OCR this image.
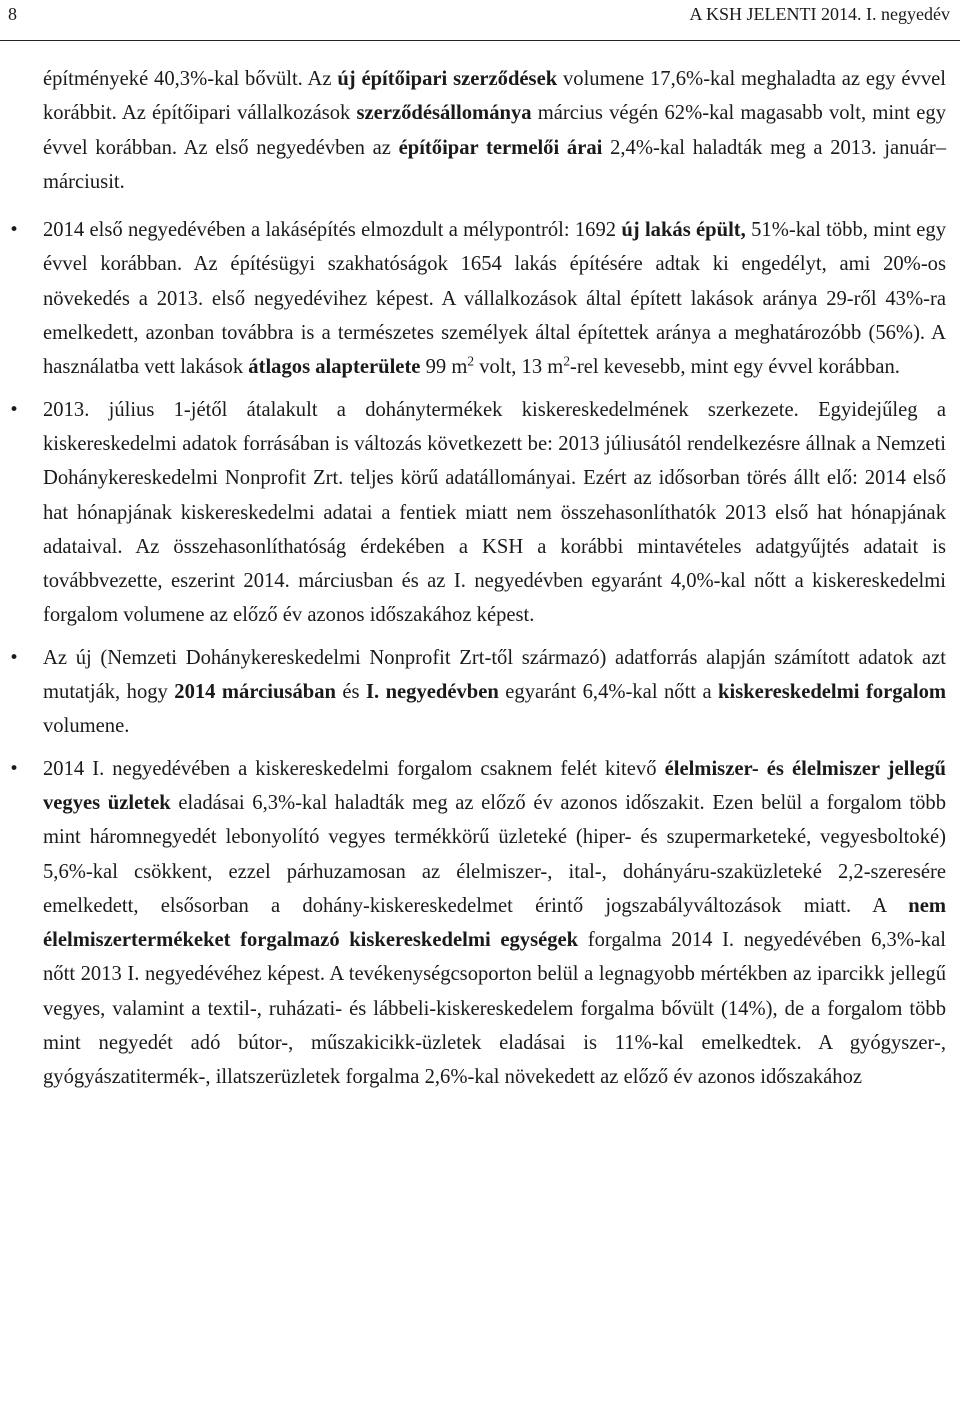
8	A KSH JELENTI 2014. I. negyedév

építményeké 40,3%-kal bővült. Az új építőipari szerződések volumene 17,6%-kal meghaladta az egy évvel korábbit. Az építőipari vállalkozások szerződésállománya március végén 62%-kal magasabb volt, mint egy évvel korábban. Az első negyedévben az építőipar termelői árai 2,4%-kal haladták meg a 2013. január–márciusit.

• 2014 első negyedévében a lakásépítés elmozdult a mélypontról: 1692 új lakás épült, 51%-kal több, mint egy évvel korábban. Az építésügyi szakhatóságok 1654 lakás építésére adtak ki engedélyt, ami 20%-os növekedés a 2013. első negyedévihez képest. A vállalkozások által épített lakások aránya 29-ről 43%-ra emelkedett, azonban továbbra is a természetes személyek által építettek aránya a meghatározóbb (56%). A használatba vett lakások átlagos alapterülete 99 $m^2$ volt, 13 $m^2$-rel kevesebb, mint egy évvel korábban.

• 2013. július 1-jétől átalakult a dohánytermékek kiskereskedelmének szerkezete. Egyidejűleg a kiskereskedelmi adatok forrásában is változás következett be: 2013 júliusától rendelkezésre állnak a Nemzeti Dohánykereskedelmi Nonprofit Zrt. teljes körű adatállományai. Ezért az idősorban törés állt elő: 2014 első hat hónapjának kiskereskedelmi adatai a fentiek miatt nem összehasonlíthatók 2013 első hat hónapjának adataival. Az összehasonlíthatóság érdekében a KSH a korábbi mintavételes adatgyűjtés adatait is továbbvezette, eszerint 2014. márciusban és az I. negyedévben egyaránt 4,0%-kal nőtt a kiskereskedelmi forgalom volumene az előző év azonos időszakához képest.

• Az új (Nemzeti Dohánykereskedelmi Nonprofit Zrt-től származó) adatforrás alapján számított adatok azt mutatják, hogy 2014 márciusában és I. negyedévben egyaránt 6,4%-kal nőtt a kiskereskedelmi forgalom volumene.

• 2014 I. negyedévében a kiskereskedelmi forgalom csaknem felét kitevő élelmiszer- és élelmiszer jellegű vegyes üzletek eladásai 6,3%-kal haladták meg az előző év azonos időszakit. Ezen belül a forgalom több mint háromnegyedét lebonyolító vegyes termékkörű üzleteké (hiper- és szupermarketeké, vegyesboltoké) 5,6%-kal csökkent, ezzel párhuzamosan az élelmiszer-, ital-, dohányáru-szaküzleteké 2,2-szeresére emelkedett, elsősorban a dohány-kiskereskedelmet érintő jogszabályváltozások miatt. A nem élelmiszertermékeket forgalmazó kiskereskedelmi egységek forgalma 2014 I. negyedévében 6,3%-kal nőtt 2013 I. negyedévéhez képest. A tevékenységcsoporton belül a legnagyobb mértékben az iparcikk jellegű vegyes, valamint a textil-, ruházati- és lábbeli-kiskereskedelem forgalma bővült (14%), de a forgalom több mint negyedét adó bútor-, műszakicikk-üzletek eladásai is 11%-kal emelkedtek. A gyógyszer-, gyógyászatitermék-, illatszerüzletek forgalma 2,6%-kal növekedett az előző év azonos időszakához
